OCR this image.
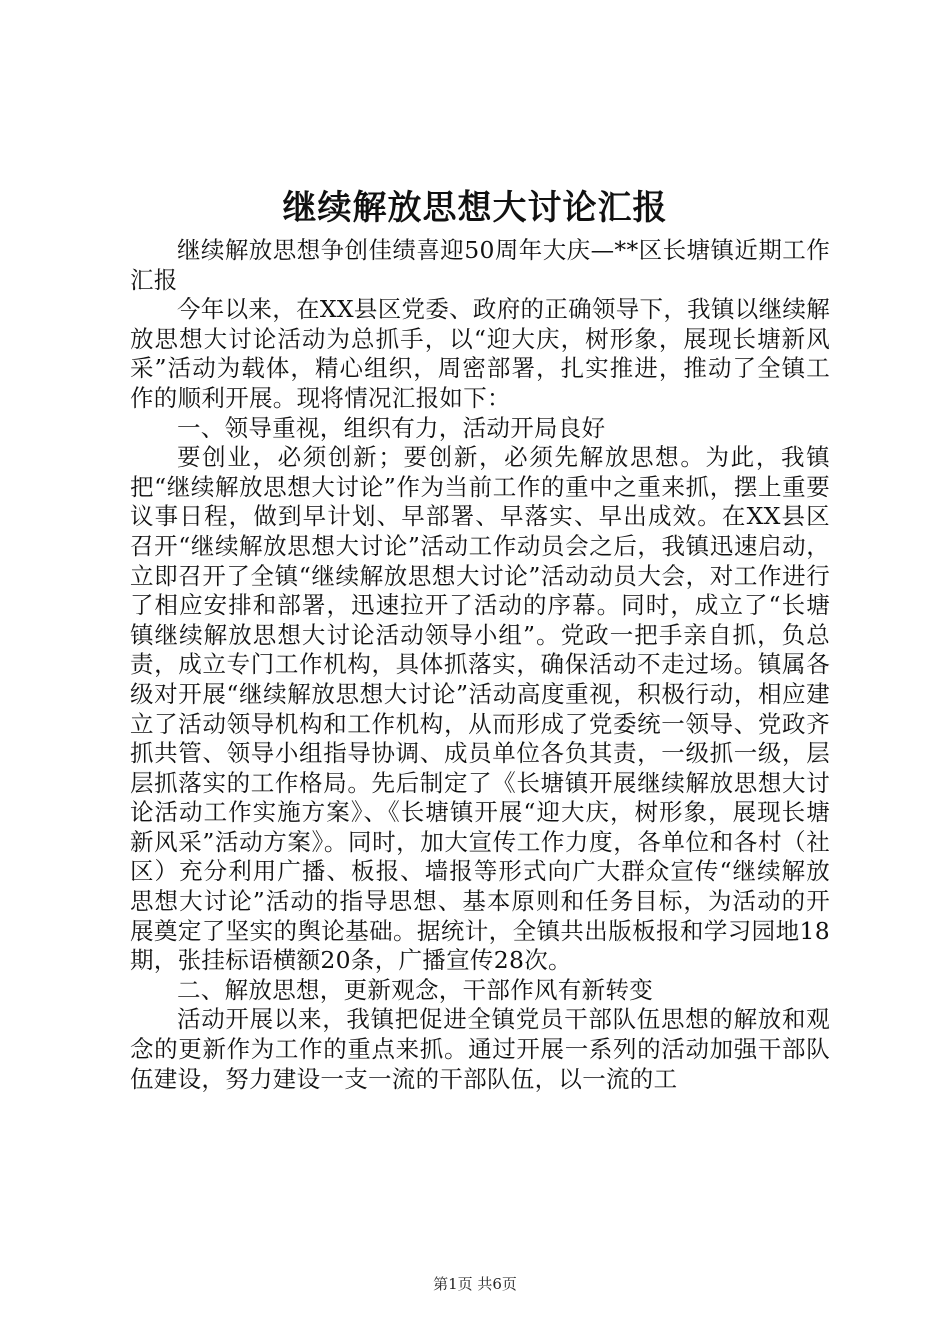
继续解放思想大讨论汇报

继续解放思想争创佳绩喜迎50周年大庆—**区长塘镇近期工作汇报

今年以来，在XX县区党委、政府的正确领导下，我镇以继续解放思想大讨论活动为总抓手，以“迎大庆，树形象，展现长塘新风采”活动为载体，精心组织，周密部署，扎实推进，推动了全镇工作的顺利开展。现将情况汇报如下：

一、领导重视，组织有力，活动开局良好

要创业，必须创新；要创新，必须先解放思想。为此，我镇把“继续解放思想大讨论”作为当前工作的重中之重来抓，摆上重要议事日程，做到早计划、早部署、早落实、早出成效。在XX县区召开“继续解放思想大讨论”活动工作动员会之后，我镇迅速启动，立即召开了全镇“继续解放思想大讨论”活动动员大会，对工作进行了相应安排和部署，迅速拉开了活动的序幕。同时，成立了“长塘镇继续解放思想大讨论活动领导小组”。党政一把手亲自抓，负总责，成立专门工作机构，具体抓落实，确保活动不走过场。镇属各级对开展“继续解放思想大讨论”活动高度重视，积极行动，相应建立了活动领导机构和工作机构，从而形成了党委统一领导、党政齐抓共管、领导小组指导协调、成员单位各负其责，一级抓一级，层层抓落实的工作格局。先后制定了《长塘镇开展继续解放思想大讨论活动工作实施方案》、《长塘镇开展“迎大庆，树形象，展现长塘新风采”活动方案》。同时，加大宣传工作力度，各单位和各村（社区）充分利用广播、板报、墙报等形式向广大群众宣传“继续解放思想大讨论”活动的指导思想、基本原则和任务目标，为活动的开展奠定了坚实的舆论基础。据统计，全镇共出版板报和学习园地18期，张挂标语横额20条，广播宣传28次。

二、解放思想，更新观念，干部作风有新转变

活动开展以来，我镇把促进全镇党员干部队伍思想的解放和观念的更新作为工作的重点来抓。通过开展一系列的活动加强干部队伍建设，努力建设一支一流的干部队伍，以一流的工

第1页 共6页
